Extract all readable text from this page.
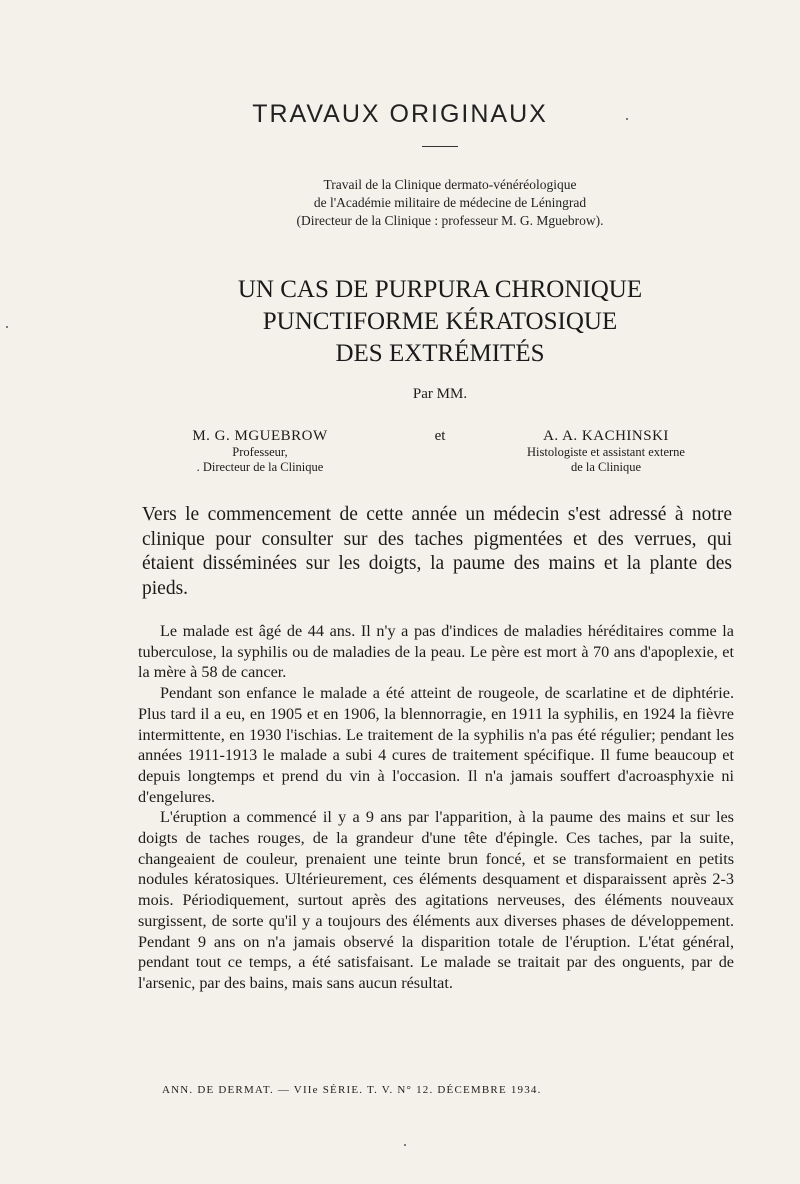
TRAVAUX ORIGINAUX
Travail de la Clinique dermato-vénéréologique
de l'Académie militaire de médecine de Léningrad
(Directeur de la Clinique : professeur M. G. Mguebrow).
UN CAS DE PURPURA CHRONIQUE
PUNCTIFORME KÉRATOSIQUE
DES EXTRÉMITÉS
Par MM.
M. G. MGUEBROW
Professeur,
. Directeur de la Clinique
et	A. A. KACHINSKI
Histologiste et assistant externe
de la Clinique
Vers le commencement de cette année un médecin s'est adressé à notre clinique pour consulter sur des taches pigmentées et des verrues, qui étaient disséminées sur les doigts, la paume des mains et la plante des pieds.

Le malade est âgé de 44 ans. Il n'y a pas d'indices de maladies héréditaires comme la tuberculose, la syphilis ou de maladies de la peau. Le père est mort à 70 ans d'apoplexie, et la mère à 58 de cancer.

Pendant son enfance le malade a été atteint de rougeole, de scarlatine et de diphtérie. Plus tard il a eu, en 1905 et en 1906, la blennorragie, en 1911 la syphilis, en 1924 la fièvre intermittente, en 1930 l'ischias. Le traitement de la syphilis n'a pas été régulier; pendant les années 1911-1913 le malade a subi 4 cures de traitement spécifique. Il fume beaucoup et depuis longtemps et prend du vin à l'occasion. Il n'a jamais souffert d'acroasphyxie ni d'engelures.

L'éruption a commencé il y a 9 ans par l'apparition, à la paume des mains et sur les doigts de taches rouges, de la grandeur d'une tête d'épingle. Ces taches, par la suite, changeaient de couleur, prenaient une teinte brun foncé, et se transformaient en petits nodules kératosiques. Ultérieurement, ces éléments desquament et disparaissent après 2-3 mois. Périodiquement, surtout après des agitations nerveuses, des éléments nouveaux surgissent, de sorte qu'il y a toujours des éléments aux diverses phases de développement. Pendant 9 ans on n'a jamais observé la disparition totale de l'éruption. L'état général, pendant tout ce temps, a été satisfaisant. Le malade se traitait par des onguents, par de l'arsenic, par des bains, mais sans aucun résultat.

ANN. DE DERMAT. — VIIe SÉRIE. T. V. N° 12. DÉCEMBRE 1934.
